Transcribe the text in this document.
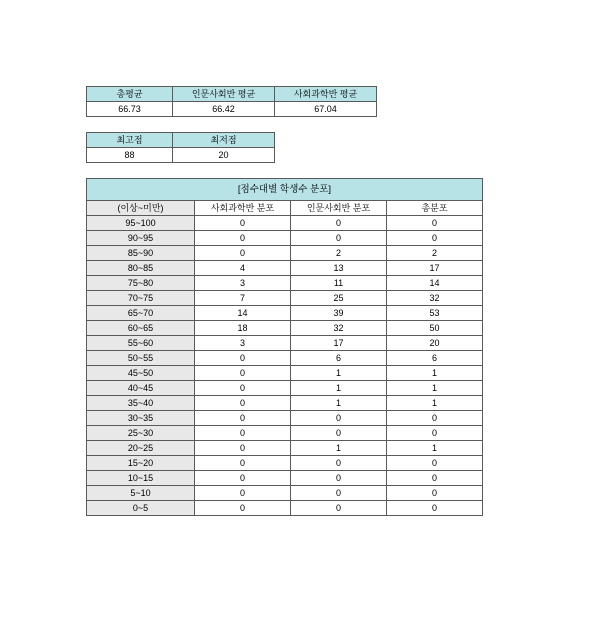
총평균	인문사회반 평균	사회과학반 평균
66.73	66.42	67.04
최고점	최저점
88	20
[점수대별 학생수 분포]			
(이상~미만)	사회과학반 분포	인문사회반 분포	총분포
95~100	0	0	0
90~95	0	0	0
85~90	0	2	2
80~85	4	13	17
75~80	3	11	14
70~75	7	25	32
65~70	14	39	53
60~65	18	32	50
55~60	3	17	20
50~55	0	6	6
45~50	0	1	1
40~45	0	1	1
35~40	0	1	1
30~35	0	0	0
25~30	0	0	0
20~25	0	1	1
15~20	0	0	0
10~15	0	0	0
5~10	0	0	0
0~5	0	0	0
